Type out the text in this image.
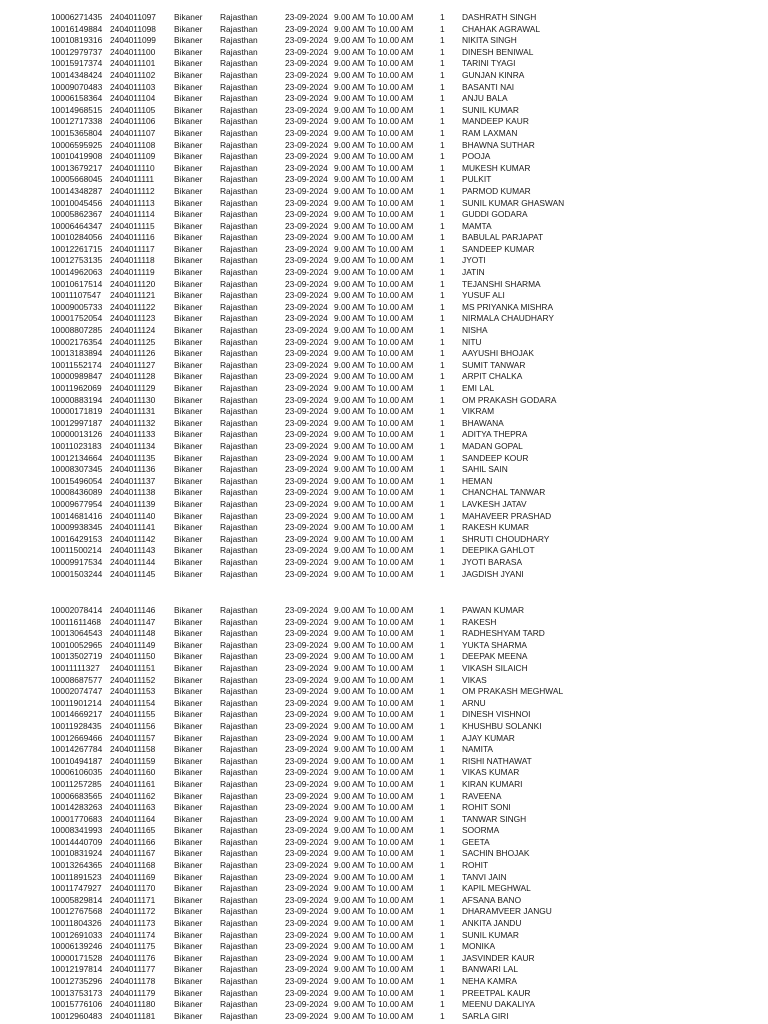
10006271435 2404011097 Bikaner Rajasthan	23-09-2024 9.00 AM To 10.00 AM	1 DASHRATH SINGH
10016149884 2404011098 Bikaner Rajasthan	23-09-2024 9.00 AM To 10.00 AM	1 CHAHAK AGRAWAL
10010819316 2404011099 Bikaner Rajasthan	23-09-2024 9.00 AM To 10.00 AM	1 NIKITA SINGH
10012979737 2404011100 Bikaner Rajasthan	23-09-2024 9.00 AM To 10.00 AM	1 DINESH BENIWAL
10015917374 2404011101 Bikaner Rajasthan	23-09-2024 9.00 AM To 10.00 AM	1 TARINI TYAGI
10014348424 2404011102 Bikaner Rajasthan	23-09-2024 9.00 AM To 10.00 AM	1 GUNJAN KINRA
10009070483 2404011103 Bikaner Rajasthan	23-09-2024 9.00 AM To 10.00 AM	1 BASANTI NAI
10006158364 2404011104 Bikaner Rajasthan	23-09-2024 9.00 AM To 10.00 AM	1 ANJU BALA
10014968515 2404011105 Bikaner Rajasthan	23-09-2024 9.00 AM To 10.00 AM	1 SUNIL KUMAR
10012717338 2404011106 Bikaner Rajasthan	23-09-2024 9.00 AM To 10.00 AM	1 MANDEEP KAUR
10015365804 2404011107 Bikaner Rajasthan	23-09-2024 9.00 AM To 10.00 AM	1 RAM LAXMAN
10006595925 2404011108 Bikaner Rajasthan	23-09-2024 9.00 AM To 10.00 AM	1 BHAWNA SUTHAR
10010419908 2404011109 Bikaner Rajasthan	23-09-2024 9.00 AM To 10.00 AM	1 POOJA
10013679217 2404011110 Bikaner Rajasthan	23-09-2024 9.00 AM To 10.00 AM	1 MUKESH KUMAR
10005668045 2404011111 Bikaner Rajasthan	23-09-2024 9.00 AM To 10.00 AM	1 PULKIT
10014348287 2404011112 Bikaner Rajasthan	23-09-2024 9.00 AM To 10.00 AM	1 PARMOD KUMAR
10010045456 2404011113 Bikaner Rajasthan	23-09-2024 9.00 AM To 10.00 AM	1 SUNIL KUMAR GHASWAN
10005862367 2404011114 Bikaner Rajasthan	23-09-2024 9.00 AM To 10.00 AM	1 GUDDI GODARA
10006464347 2404011115 Bikaner Rajasthan	23-09-2024 9.00 AM To 10.00 AM	1 MAMTA
10010284056 2404011116 Bikaner Rajasthan	23-09-2024 9.00 AM To 10.00 AM	1 BABULAL PARJAPAT
10012261715 2404011117 Bikaner Rajasthan	23-09-2024 9.00 AM To 10.00 AM	1 SANDEEP KUMAR
10012753135 2404011118 Bikaner Rajasthan	23-09-2024 9.00 AM To 10.00 AM	1 JYOTI
10014962063 2404011119 Bikaner Rajasthan	23-09-2024 9.00 AM To 10.00 AM	1 JATIN
10010617514 2404011120 Bikaner Rajasthan	23-09-2024 9.00 AM To 10.00 AM	1 TEJANSHI SHARMA
10011107547 2404011121 Bikaner Rajasthan	23-09-2024 9.00 AM To 10.00 AM	1 YUSUF ALI
10009005733 2404011122 Bikaner Rajasthan	23-09-2024 9.00 AM To 10.00 AM	1 MS PRIYANKA MISHRA
10001752054 2404011123 Bikaner Rajasthan	23-09-2024 9.00 AM To 10.00 AM	1 NIRMALA CHAUDHARY
10008807285 2404011124 Bikaner Rajasthan	23-09-2024 9.00 AM To 10.00 AM	1 NISHA
10002176354 2404011125 Bikaner Rajasthan	23-09-2024 9.00 AM To 10.00 AM	1 NITU
10013183894 2404011126 Bikaner Rajasthan	23-09-2024 9.00 AM To 10.00 AM	1 AAYUSHI BHOJAK
10011552174 2404011127 Bikaner Rajasthan	23-09-2024 9.00 AM To 10.00 AM	1 SUMIT TANWAR
10000989847 2404011128 Bikaner Rajasthan	23-09-2024 9.00 AM To 10.00 AM	1 ARPIT CHALKA
10011962069 2404011129 Bikaner Rajasthan	23-09-2024 9.00 AM To 10.00 AM	1 EMI LAL
10000883194 2404011130 Bikaner Rajasthan	23-09-2024 9.00 AM To 10.00 AM	1 OM PRAKASH GODARA
10000171819 2404011131 Bikaner Rajasthan	23-09-2024 9.00 AM To 10.00 AM	1 VIKRAM
10012997187 2404011132 Bikaner Rajasthan	23-09-2024 9.00 AM To 10.00 AM	1 BHAWANA
10000013126 2404011133 Bikaner Rajasthan	23-09-2024 9.00 AM To 10.00 AM	1 ADITYA THEPRA
10011023183 2404011134 Bikaner Rajasthan	23-09-2024 9.00 AM To 10.00 AM	1 MADAN GOPAL
10012134664 2404011135 Bikaner Rajasthan	23-09-2024 9.00 AM To 10.00 AM	1 SANDEEP KOUR
10008307345 2404011136 Bikaner Rajasthan	23-09-2024 9.00 AM To 10.00 AM	1 SAHIL SAIN
10015496054 2404011137 Bikaner Rajasthan	23-09-2024 9.00 AM To 10.00 AM	1 HEMAN
10008436089 2404011138 Bikaner Rajasthan	23-09-2024 9.00 AM To 10.00 AM	1 CHANCHAL TANWAR
10009677954 2404011139 Bikaner Rajasthan	23-09-2024 9.00 AM To 10.00 AM	1 LAVKESH JATAV
10014681416 2404011140 Bikaner Rajasthan	23-09-2024 9.00 AM To 10.00 AM	1 MAHAVEER PRASHAD
10009938345 2404011141 Bikaner Rajasthan	23-09-2024 9.00 AM To 10.00 AM	1 RAKESH KUMAR
10016429153 2404011142 Bikaner Rajasthan	23-09-2024 9.00 AM To 10.00 AM	1 SHRUTI CHOUDHARY
10011500214 2404011143 Bikaner Rajasthan	23-09-2024 9.00 AM To 10.00 AM	1 DEEPIKA GAHLOT
10009917534 2404011144 Bikaner Rajasthan	23-09-2024 9.00 AM To 10.00 AM	1 JYOTI BARASA
10001503244 2404011145 Bikaner Rajasthan	23-09-2024 9.00 AM To 10.00 AM	1 JAGDISH JYANI
10002078414 2404011146 Bikaner Rajasthan	23-09-2024 9.00 AM To 10.00 AM	1 PAWAN KUMAR
10011611468 2404011147 Bikaner Rajasthan	23-09-2024 9.00 AM To 10.00 AM	1 RAKESH
10013064543 2404011148 Bikaner Rajasthan	23-09-2024 9.00 AM To 10.00 AM	1 RADHESHYAM TARD
10010052965 2404011149 Bikaner Rajasthan	23-09-2024 9.00 AM To 10.00 AM	1 YUKTA SHARMA
10013502719 2404011150 Bikaner Rajasthan	23-09-2024 9.00 AM To 10.00 AM	1 DEEPAK MEENA
10011111327 2404011151 Bikaner Rajasthan	23-09-2024 9.00 AM To 10.00 AM	1 VIKASH SILAICH
10008687577 2404011152 Bikaner Rajasthan	23-09-2024 9.00 AM To 10.00 AM	1 VIKAS
10002074747 2404011153 Bikaner Rajasthan	23-09-2024 9.00 AM To 10.00 AM	1 OM PRAKASH MEGHWAL
10011901214 2404011154 Bikaner Rajasthan	23-09-2024 9.00 AM To 10.00 AM	1 ARNU
10014669217 2404011155 Bikaner Rajasthan	23-09-2024 9.00 AM To 10.00 AM	1 DINESH VISHNOI
10011928435 2404011156 Bikaner Rajasthan	23-09-2024 9.00 AM To 10.00 AM	1 KHUSHBU SOLANKI
10012669466 2404011157 Bikaner Rajasthan	23-09-2024 9.00 AM To 10.00 AM	1 AJAY KUMAR
10014267784 2404011158 Bikaner Rajasthan	23-09-2024 9.00 AM To 10.00 AM	1 NAMITA
10010494187 2404011159 Bikaner Rajasthan	23-09-2024 9.00 AM To 10.00 AM	1 RISHI NATHAWAT
10006106035 2404011160 Bikaner Rajasthan	23-09-2024 9.00 AM To 10.00 AM	1 VIKAS KUMAR
10011257285 2404011161 Bikaner Rajasthan	23-09-2024 9.00 AM To 10.00 AM	1 KIRAN KUMARI
10006683565 2404011162 Bikaner Rajasthan	23-09-2024 9.00 AM To 10.00 AM	1 RAVEENA
10014283263 2404011163 Bikaner Rajasthan	23-09-2024 9.00 AM To 10.00 AM	1 ROHIT SONI
10001770683 2404011164 Bikaner Rajasthan	23-09-2024 9.00 AM To 10.00 AM	1 TANWAR SINGH
10008341993 2404011165 Bikaner Rajasthan	23-09-2024 9.00 AM To 10.00 AM	1 SOORMA
10014440709 2404011166 Bikaner Rajasthan	23-09-2024 9.00 AM To 10.00 AM	1 GEETA
10010831924 2404011167 Bikaner Rajasthan	23-09-2024 9.00 AM To 10.00 AM	1 SACHIN BHOJAK
10013264365 2404011168 Bikaner Rajasthan	23-09-2024 9.00 AM To 10.00 AM	1 ROHIT
10011891523 2404011169 Bikaner Rajasthan	23-09-2024 9.00 AM To 10.00 AM	1 TANVI JAIN
10011747927 2404011170 Bikaner Rajasthan	23-09-2024 9.00 AM To 10.00 AM	1 KAPIL MEGHWAL
10005829814 2404011171 Bikaner Rajasthan	23-09-2024 9.00 AM To 10.00 AM	1 AFSANA BANO
10012767568 2404011172 Bikaner Rajasthan	23-09-2024 9.00 AM To 10.00 AM	1 DHARAMVEER JANGU
10011804326 2404011173 Bikaner Rajasthan	23-09-2024 9.00 AM To 10.00 AM	1 ANKITA JANDU
10012691033 2404011174 Bikaner Rajasthan	23-09-2024 9.00 AM To 10.00 AM	1 SUNIL KUMAR
10006139246 2404011175 Bikaner Rajasthan	23-09-2024 9.00 AM To 10.00 AM	1 MONIKA
10000171528 2404011176 Bikaner Rajasthan	23-09-2024 9.00 AM To 10.00 AM	1 JASVINDER KAUR
10012197814 2404011177 Bikaner Rajasthan	23-09-2024 9.00 AM To 10.00 AM	1 BANWARI LAL
10012735296 2404011178 Bikaner Rajasthan	23-09-2024 9.00 AM To 10.00 AM	1 NEHA KAMRA
10013753173 2404011179 Bikaner Rajasthan	23-09-2024 9.00 AM To 10.00 AM	1 PREETPAL KAUR
10015776106 2404011180 Bikaner Rajasthan	23-09-2024 9.00 AM To 10.00 AM	1 MEENU DAKALIYA
10012960483 2404011181 Bikaner Rajasthan	23-09-2024 9.00 AM To 10.00 AM	1 SARLA GIRI
